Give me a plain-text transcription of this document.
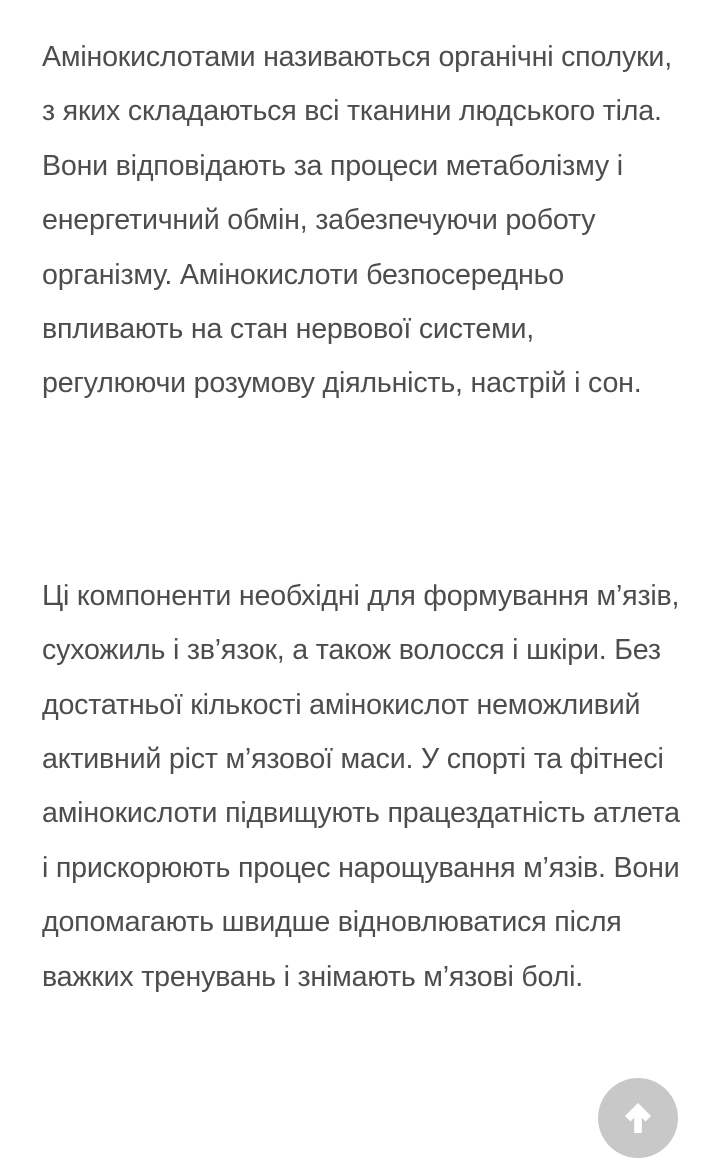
Амінокислотами називаються органічні сполуки, з яких складаються всі тканини людського тіла. Вони відповідають за процеси метаболізму і енергетичний обмін, забезпечуючи роботу організму. Амінокислоти безпосередньо впливають на стан нервової системи, регулюючи розумову діяльність, настрій і сон.

Ці компоненти необхідні для формування м’язів, сухожиль і зв’язок, а також волосся і шкіри. Без достатньої кількості амінокислот неможливий активний ріст м’язової маси. У спорті та фітнесі амінокислоти підвищують працездатність атлета і прискорюють процес нарощування м’язів. Вони допомагають швидше відновлюватися після важких тренувань і знімають м’язові болі.
